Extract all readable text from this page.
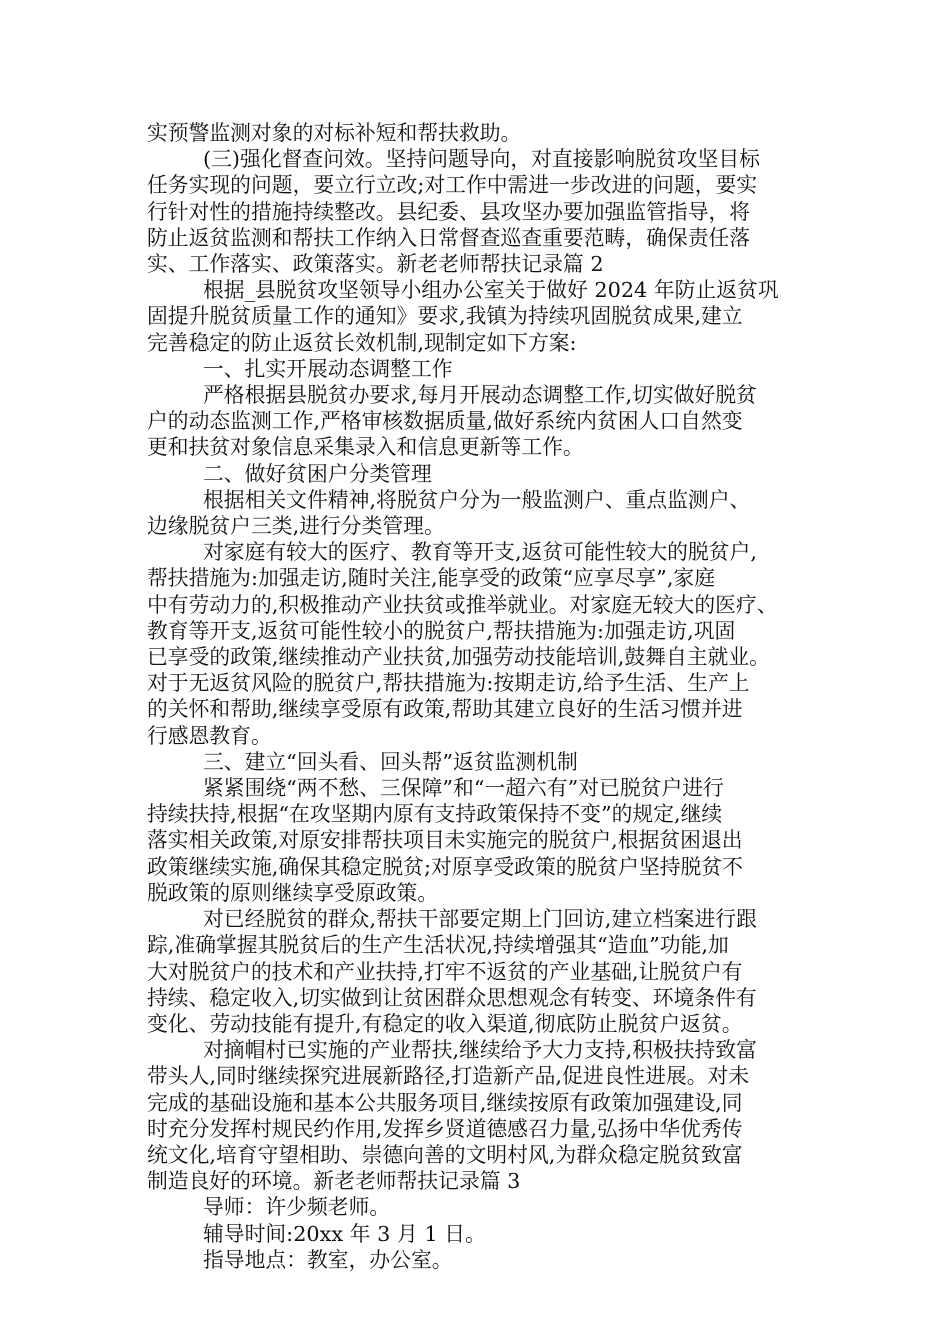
实预警监测对象的对标补短和帮扶救助。

(三)强化督查问效。坚持问题导向，对直接影响脱贫攻坚目标

任务实现的问题，要立行立改;对工作中需进一步改进的问题，要实

行针对性的措施持续整改。县纪委、县攻坚办要加强监管指导，将

防止返贫监测和帮扶工作纳入日常督查巡查重要范畴，确保责任落

实、工作落实、政策落实。新老老师帮扶记录篇 2

根据_县脱贫攻坚领导小组办公室关于做好 2024 年防止返贫巩

固提升脱贫质量工作的通知》要求,我镇为持续巩固脱贫成果,建立

完善稳定的防止返贫长效机制,现制定如下方案:

一、扎实开展动态调整工作

严格根据县脱贫办要求,每月开展动态调整工作,切实做好脱贫

户的动态监测工作,严格审核数据质量,做好系统内贫困人口自然变

更和扶贫对象信息采集录入和信息更新等工作。

二、做好贫困户分类管理

根据相关文件精神,将脱贫户分为一般监测户、重点监测户、

边缘脱贫户三类,进行分类管理。

对家庭有较大的医疗、教育等开支,返贫可能性较大的脱贫户,

帮扶措施为:加强走访,随时关注,能享受的政策“应享尽享”,家庭

中有劳动力的,积极推动产业扶贫或推举就业。对家庭无较大的医疗、

教育等开支,返贫可能性较小的脱贫户,帮扶措施为:加强走访,巩固

已享受的政策,继续推动产业扶贫,加强劳动技能培训,鼓舞自主就业。

对于无返贫风险的脱贫户,帮扶措施为:按期走访,给予生活、生产上

的关怀和帮助,继续享受原有政策,帮助其建立良好的生活习惯并进

行感恩教育。

三、建立“回头看、回头帮”返贫监测机制

紧紧围绕“两不愁、三保障”和“一超六有”对已脱贫户进行

持续扶持,根据“在攻坚期内原有支持政策保持不变”的规定,继续

落实相关政策,对原安排帮扶项目未实施完的脱贫户,根据贫困退出

政策继续实施,确保其稳定脱贫;对原享受政策的脱贫户坚持脱贫不

脱政策的原则继续享受原政策。

对已经脱贫的群众,帮扶干部要定期上门回访,建立档案进行跟

踪,准确掌握其脱贫后的生产生活状况,持续增强其“造血”功能,加

大对脱贫户的技术和产业扶持,打牢不返贫的产业基础,让脱贫户有

持续、稳定收入,切实做到让贫困群众思想观念有转变、环境条件有

变化、劳动技能有提升,有稳定的收入渠道,彻底防止脱贫户返贫。

对摘帽村已实施的产业帮扶,继续给予大力支持,积极扶持致富

带头人,同时继续探究进展新路径,打造新产品,促进良性进展。对未

完成的基础设施和基本公共服务项目,继续按原有政策加强建设,同

时充分发挥村规民约作用,发挥乡贤道德感召力量,弘扬中华优秀传

统文化,培育守望相助、崇德向善的文明村风,为群众稳定脱贫致富

制造良好的环境。新老老师帮扶记录篇 3

导师：许少频老师。

辅导时间:20xx 年 3 月 1 日。

指导地点：教室，办公室。
